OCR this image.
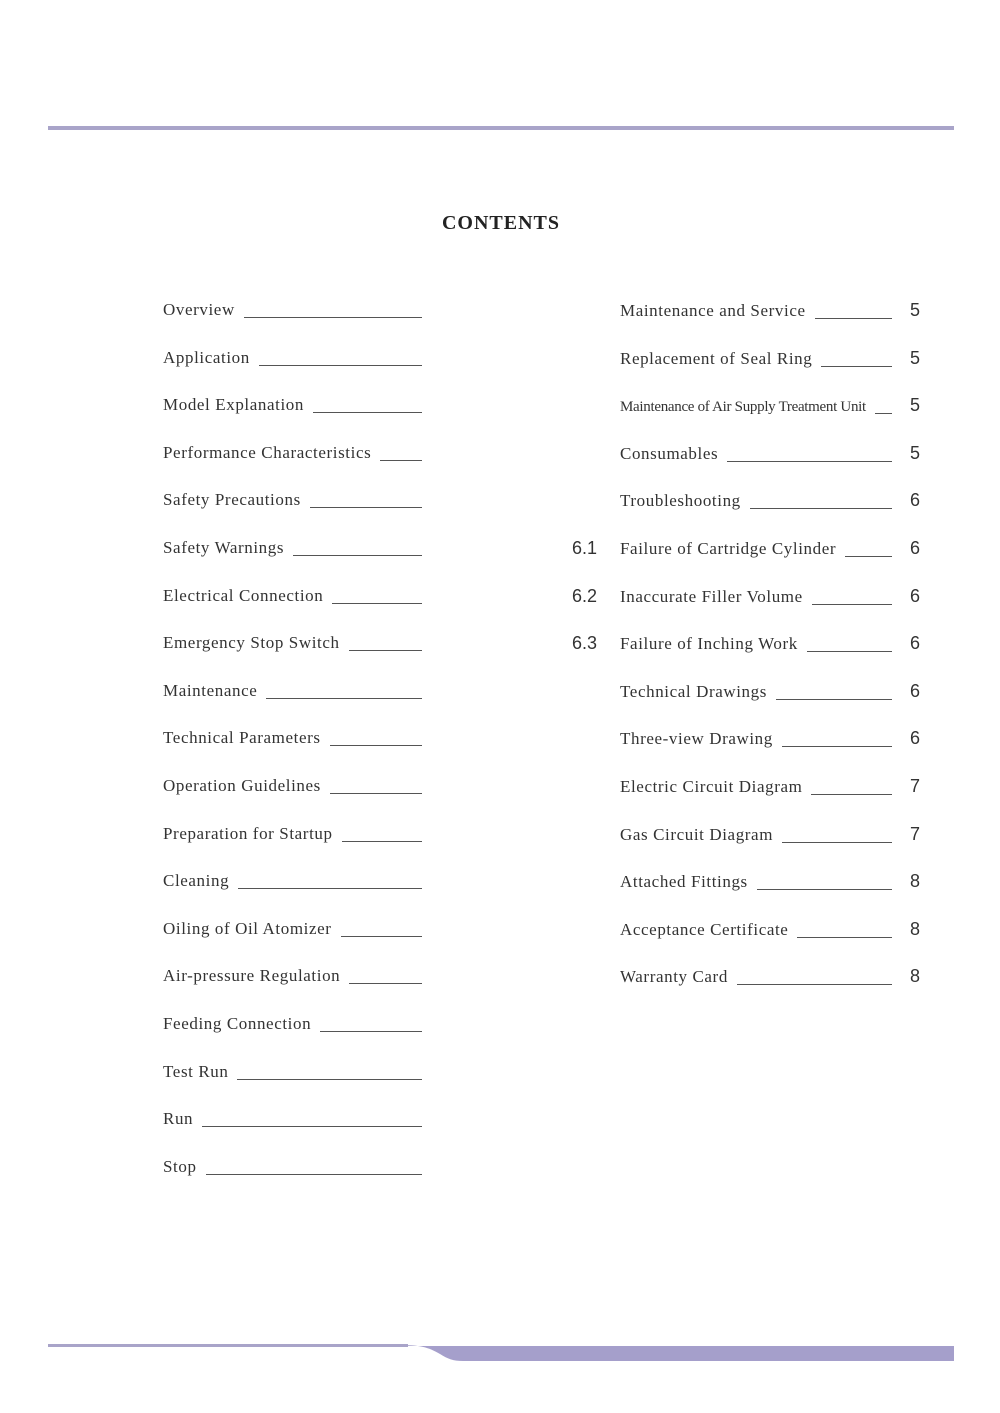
CONTENTS
Overview
Application
Model Explanation
Performance Characteristics
Safety Precautions
Safety Warnings
Electrical Connection
Emergency Stop Switch
Maintenance
Technical Parameters
Operation Guidelines
Preparation for Startup
Cleaning
Oiling of Oil Atomizer
Air-pressure Regulation
Feeding Connection
Test Run
Run
Stop
Maintenance and Service	5
Replacement of Seal Ring	5
Maintenance of Air Supply Treatment Unit	5
Consumables	5
Troubleshooting	6
6.1 Failure of Cartridge Cylinder	6
6.2 Inaccurate Filler Volume	6
6.3 Failure of Inching Work	6
Technical Drawings	6
Three-view Drawing	6
Electric Circuit Diagram	7
Gas Circuit Diagram	7
Attached Fittings	8
Acceptance Certificate	8
Warranty Card	8
